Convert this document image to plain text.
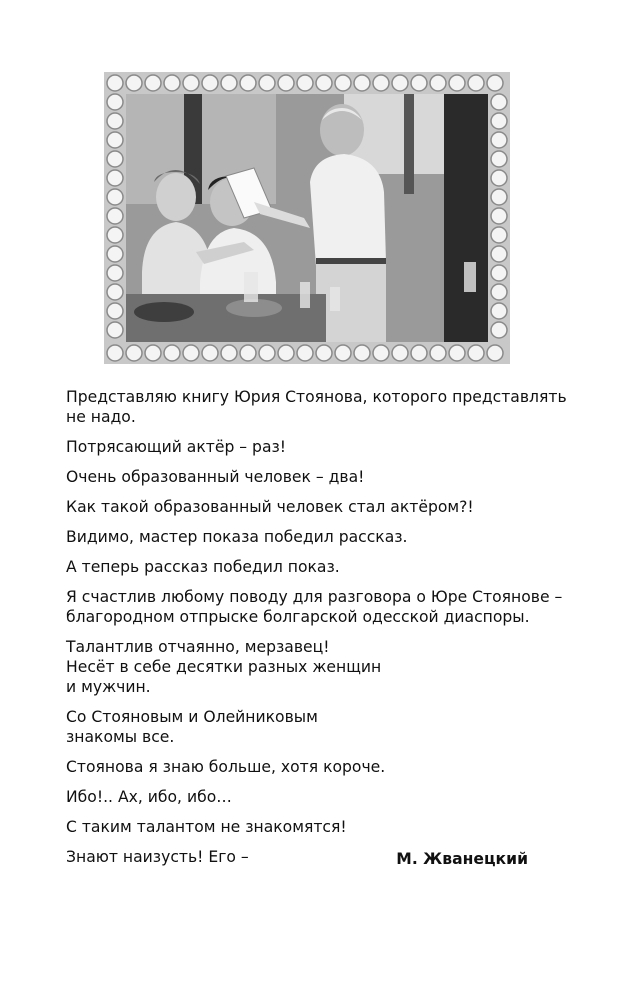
Представляю книгу Юрия Стоянова, которого представлять
не надо.
Потрясающий актёр – раз!
Очень образованный человек – два!
Как такой образованный человек стал актёром?!
Видимо, мастер показа победил рассказ.
А теперь рассказ победил показ.
Я счастлив любому поводу для разговора о Юре Стоянове –
благородном отпрыске болгарской одесской диаспоры.
Талантлив отчаянно, мерзавец!
Несёт в себе десятки разных женщин
и мужчин.
Со Стояновым и Олейниковым
знакомы все.
Стоянова я знаю больше, хотя короче.
Ибо!.. Ах, ибо, ибо…
С таким талантом не знакомятся!
Знают наизусть! Его –	М. Жванецкий
